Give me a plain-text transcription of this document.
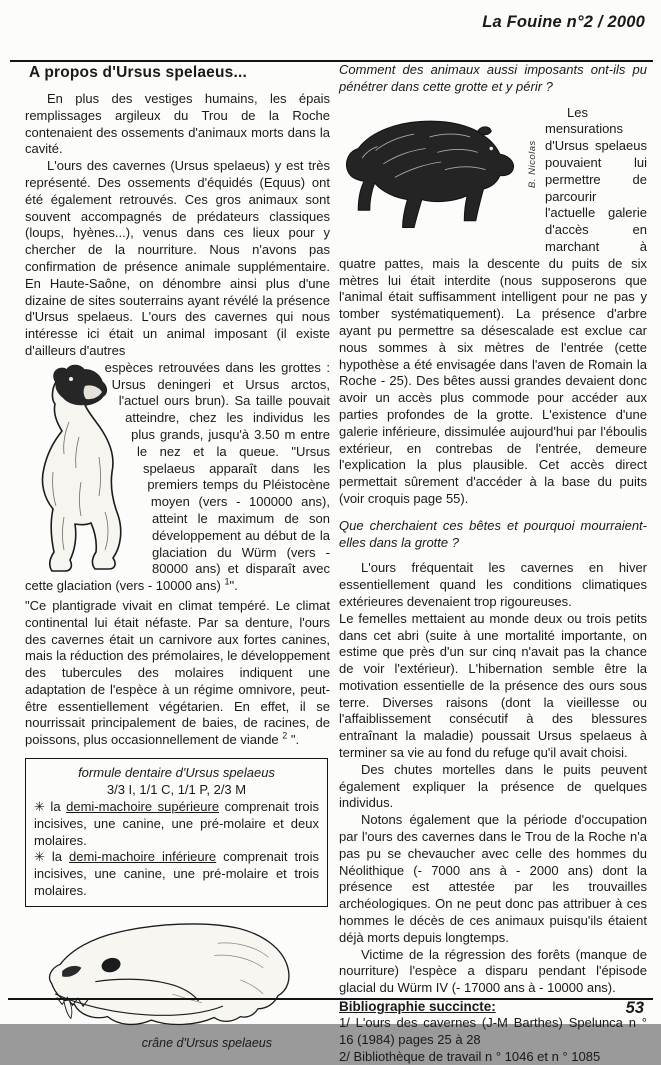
La Fouine n°2 / 2000
A propos d'Ursus spelaeus...

En plus des vestiges humains, les épais remplissages argileux du Trou de la Roche contenaient des ossements d'animaux morts dans la cavité.

L'ours des cavernes (Ursus spelaeus) y est très représenté. Des ossements d'équidés (Equus) ont été également retrouvés. Ces gros animaux sont souvent accompagnés de prédateurs classiques (loups, hyènes...), venus dans ces lieux pour y chercher de la nourriture. Nous n'avons pas confirmation de présence animale supplémentaire. En Haute-Saône, on dénombre ainsi plus d'une dizaine de sites souterrains ayant révélé la présence d'Ursus spelaeus. L'ours des cavernes qui nous intéresse ici était un animal imposant (il existe d'ailleurs d'autres

espèces retrouvées dans les grottes : Ursus deningeri et Ursus arctos, l'actuel ours brun). Sa taille pouvait atteindre, chez les individus les plus grands, jusqu'à 3.50 m entre le nez et la queue. "Ursus spelaeus apparaît dans les premiers temps du Pléistocène moyen (vers - 100000 ans), atteint le maximum de son développement au début de la glaciation du Würm (vers - 80000 ans) et disparaît avec cette glaciation (vers - 10000 ans) $^1$".

"Ce plantigrade vivait en climat tempéré. Le climat continental lui était néfaste. Par sa denture, l'ours des cavernes était un carnivore aux fortes canines, mais la réduction des prémolaires, le développement des tubercules des molaires indiquent une adaptation de l'espèce à un régime omnivore, peut-être essentiellement végétarien. En effet, il se nourrissait principalement de baies, de racines, de poissons, plus occasionnellement de viande $^2$ ".

formule dentaire d'Ursus spelaeus
3/3 I, 1/1 C, 1/1 P, 2/3 M

✳ la demi-machoire supérieure comprenait trois incisives, une canine, une pré-molaire et deux molaires.

✳ la demi-machoire inférieure comprenait trois incisives, une canine, une pré-molaire et trois molaires.

crâne d'Ursus spelaeus

Comment des animaux aussi imposants ont-ils pu pénétrer dans cette grotte et y périr ?

B. Nicolas
Les mensurations d'Ursus spelaeus pouvaient lui permettre de parcourir l'actuelle galerie d'accès en marchant à quatre pattes, mais la descente du puits de six mètres lui était interdite (nous supposerons que l'animal était suffisamment intelligent pour ne pas y tomber systématiquement). La présence d'arbre ayant pu permettre sa désescalade est exclue car nous sommes à six mètres de l'entrée (cette hypothèse a été envisagée dans l'aven de Romain la Roche - 25). Des bêtes aussi grandes devaient donc avoir un accès plus commode pour accéder aux parties profondes de la grotte. L'existence d'une galerie inférieure, dissimulée aujourd'hui par l'éboulis extérieur, en contrebas de l'entrée, demeure l'explication la plus plausible. Cet accès direct permettait sûrement d'accéder à la base du puits (voir croquis page 55).

Que cherchaient ces bêtes et pourquoi mourraient-elles dans la grotte ?

L'ours fréquentait les cavernes en hiver essentiellement quand les conditions climatiques extérieures devenaient trop rigoureuses.

Le femelles mettaient au monde deux ou trois petits dans cet abri (suite à une mortalité importante, on estime que près d'un sur cinq n'avait pas la chance de voir l'extérieur). L'hibernation semble être la motivation essentielle de la présence des ours sous terre. Diverses raisons (dont la vieillesse ou l'affaiblissement consécutif à des blessures entraînant la maladie) poussait Ursus spelaeus à terminer sa vie au fond du refuge qu'il avait choisi.

Des chutes mortelles dans le puits peuvent également expliquer la présence de quelques individus.

Notons également que la période d'occupation par l'ours des cavernes dans le Trou de la Roche n'a pas pu se chevaucher avec celle des hommes du Néolithique (- 7000 ans à - 2000 ans) dont la présence est attestée par les trouvailles archéologiques. On ne peut donc pas attribuer à ces hommes le décès de ces animaux puisqu'ils étaient déjà morts depuis longtemps.

Victime de la régression des forêts (manque de nourriture) l'espèce a disparu pendant l'épisode glacial du Würm IV (- 17000 ans à - 10000 ans).

Bibliographie succincte:

1/ L'ours des cavernes (J-M Barthes) Spelunca n ° 16 (1984) pages 25 à 28

2/ Bibliothèque de travail n ° 1046 et n ° 1085

53
